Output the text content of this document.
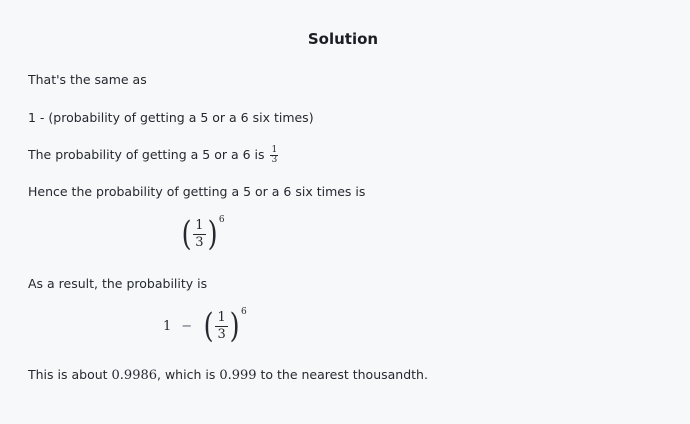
Solution
That's the same as
1 - (probability of getting a 5 or a 6 six times)
The probability of getting a 5 or a 6 is $\frac{1}{3}$
Hence the probability of getting a 5 or a 6 six times is
( $\frac{1}{3}$ ) 6
As a result, the probability is
1 − ( $\frac{1}{3}$ ) 6
This is about 0.9986, which is 0.999 to the nearest thousandth.
